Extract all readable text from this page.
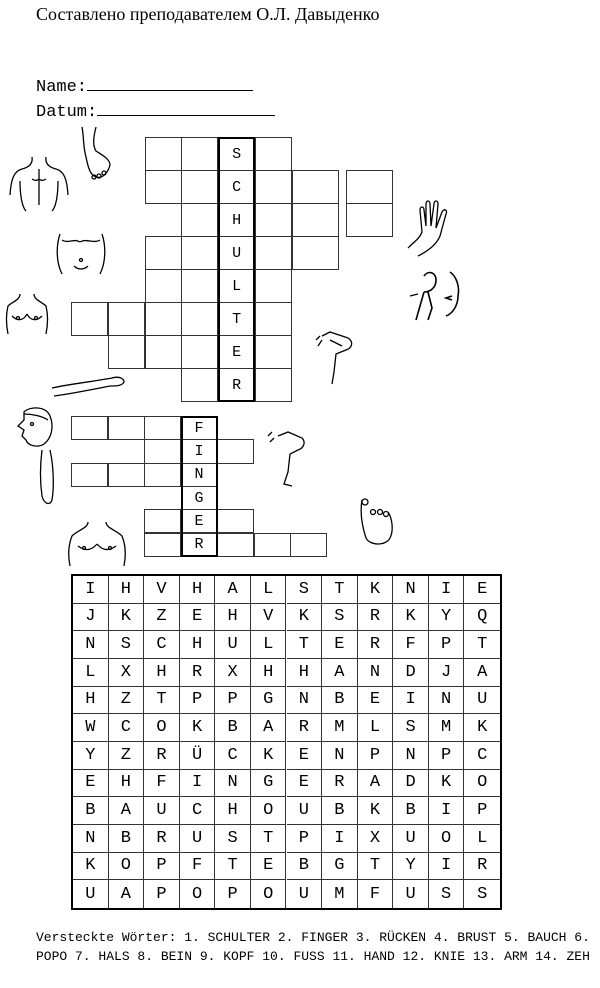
Составлено преподавателем О.Л. Давыденко
Name:
Datum:
S
C
H
U
L
T
E
R
F
I
N
G
E
R
I	H	V	H	A	L	S	T	K	N	I	E
J	K	Z	E	H	V	K	S	R	K	Y	Q
N	S	C	H	U	L	T	E	R	F	P	T
L	X	H	R	X	H	H	A	N	D	J	A
H	Z	T	P	P	G	N	B	E	I	N	U
W	C	O	K	B	A	R	M	L	S	M	K
Y	Z	R	Ü	C	K	E	N	P	N	P	C
E	H	F	I	N	G	E	R	A	D	K	O
B	A	U	C	H	O	U	B	K	B	I	P
N	B	R	U	S	T	P	I	X	U	O	L
K	O	P	F	T	E	B	G	T	Y	I	R
U	A	P	O	P	O	U	M	F	U	S	S
Versteckte Wörter: 1. SCHULTER 2. FINGER 3. RÜCKEN 4. BRUST 5. BAUCH 6. POPO 7. HALS 8. BEIN 9. KOPF 10. FUSS 11. HAND 12. KNIE 13. ARM 14. ZEH
